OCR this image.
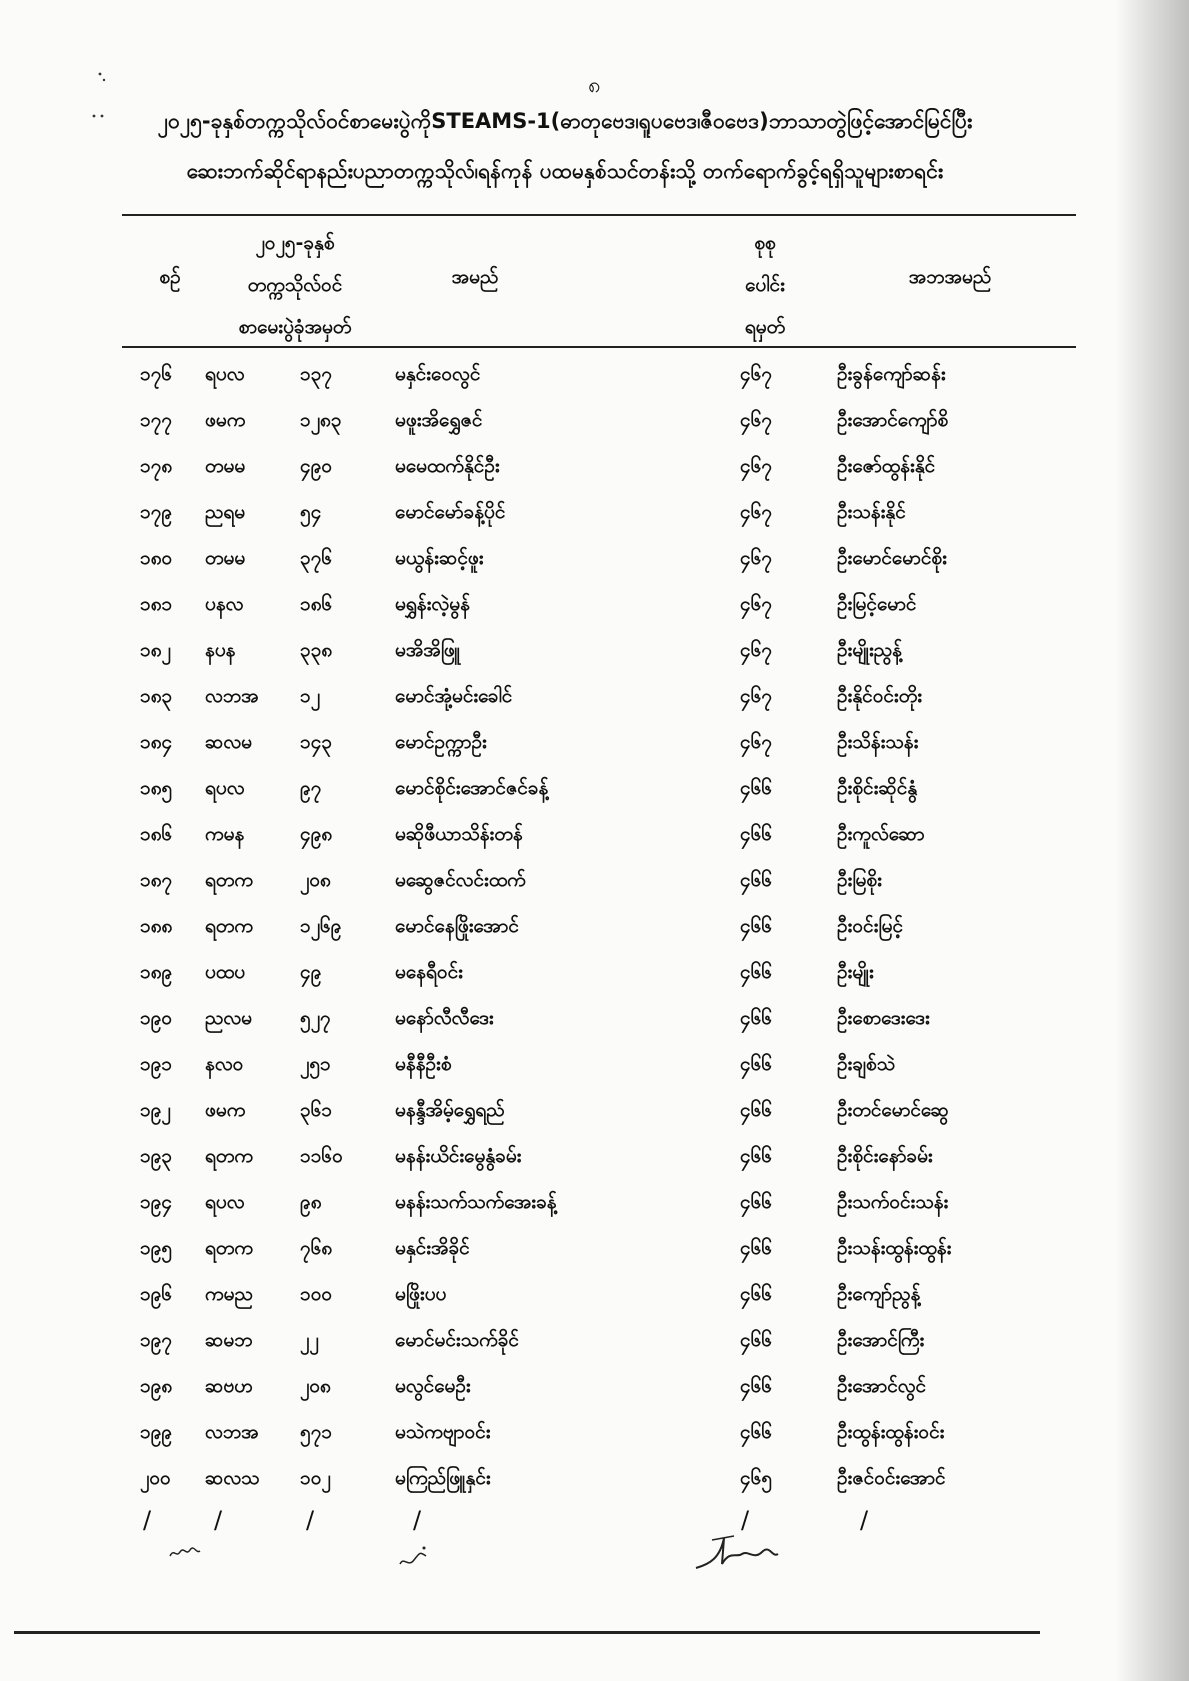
၈
၂၀၂၅-ခုနှစ်တက္ကသိုလ်ဝင်စာမေးပွဲကိုSTEAMS-1(ဓာတုဗေဒ၊ရူပဗေဒ၊ဇီဝဗေဒ)ဘာသာတွဲဖြင့်အောင်မြင်ပြီး
ဆေးဘက်ဆိုင်ရာနည်းပညာတက္ကသိုလ်၊ရန်ကုန် ပထမနှစ်သင်တန်းသို့ တက်ရောက်ခွင့်ရရှိသူများစာရင်း
စဉ်
၂၀၂၅-ခုနှစ်
တက္ကသိုလ်ဝင်
စာမေးပွဲခုံအမှတ်
အမည်
စုစု
ပေါင်း
ရမှတ်
အဘအမည်
၁၇၆	ရပလ	၁၃၇	မနှင်းဝေလွင်	၄၆၇	ဦးခွန်ကျော်ဆန်း
၁၇၇	ဖမက	၁၂၈၃	မဖူးအိရွှေဇင်	၄၆၇	ဦးအောင်ကျော်စိ
၁၇၈	တမမ	၄၉၀	မမေထက်နိုင်ဦး	၄၆၇	ဦးဇော်ထွန်းနိုင်
၁၇၉	ညရမ	၅၄	မောင်မော်ခန့်ပိုင်	၄၆၇	ဦးသန်းနိုင်
၁၈၀	တမမ	၃၇၆	မယွန်းဆင့်ဖူး	၄၆၇	ဦးမောင်မောင်စိုး
၁၈၁	ပနလ	၁၈၆	မရွှန်းလဲ့မွန်	၄၆၇	ဦးမြင့်မောင်
၁၈၂	နပန	၃၃၈	မအိအိဖြူ	၄၆၇	ဦးမျိုးညွန့်
၁၈၃	လဘအ	၁၂	မောင်အုံ့မင်းခေါင်	၄၆၇	ဦးနိုင်ဝင်းတိုး
၁၈၄	ဆလမ	၁၄၃	မောင်ဥက္ကာဦး	၄၆၇	ဦးသိန်းသန်း
၁၈၅	ရပလ	၉၇	မောင်စိုင်းအောင်ဇင်ခန့်	၄၆၆	ဦးစိုင်းဆိုင်နွံ
၁၈၆	ကမန	၄၉၈	မဆိုဖီယာသိန်းတန်	၄၆၆	ဦးကူလ်ဆော
၁၈၇	ရတက	၂၀၈	မဆွေဇင်လင်းထက်	၄၆၆	ဦးမြစိုး
၁၈၈	ရတက	၁၂၆၉	မောင်နေဖြိုးအောင်	၄၆၆	ဦးဝင်းမြင့်
၁၈၉	ပထပ	၄၉	မနေရီဝင်း	၄၆၆	ဦးမျိုး
၁၉၀	ညလမ	၅၂၇	မနော်လီလီဒေး	၄၆၆	ဦးစောဒေးဒေး
၁၉၁	နလဝ	၂၅၁	မနီနီဦးစံ	၄၆၆	ဦးချစ်သဲ
၁၉၂	ဖမက	၃၆၁	မနန္ဒီအိမ့်ရွှေရည်	၄၆၆	ဦးတင်မောင်ဆွေ
၁၉၃	ရတက	၁၁၆၀	မနန်းယိင်းမွေနွံခမ်း	၄၆၆	ဦးစိုင်းနော်ခမ်း
၁၉၄	ရပလ	၉၈	မနန်းသက်သက်အေးခန့်	၄၆၆	ဦးသက်ဝင်းသန်း
၁၉၅	ရတက	၇၆၈	မနှင်းအိခိုင်	၄၆၆	ဦးသန်းထွန်းထွန်း
၁၉၆	ကမည	၁၀၀	မဖြိုးပပ	၄၆၆	ဦးကျော်ညွန့်
၁၉၇	ဆမဘ	၂၂	မောင်မင်းသက်ခိုင်	၄၆၆	ဦးအောင်ကြီး
၁၉၈	ဆဗဟ	၂၀၈	မလွင်မေဦး	၄၆၆	ဦးအောင်လွင်
၁၉၉	လဘအ	၅၇၁	မသဲကဗျာဝင်း	၄၆၆	ဦးထွန်းထွန်းဝင်း
၂၀၀	ဆလသ	၁၀၂	မကြည်ဖြူနှင်း	၄၆၅	ဦးဇင်ဝင်းအောင်
/	/	/	/	/	/
